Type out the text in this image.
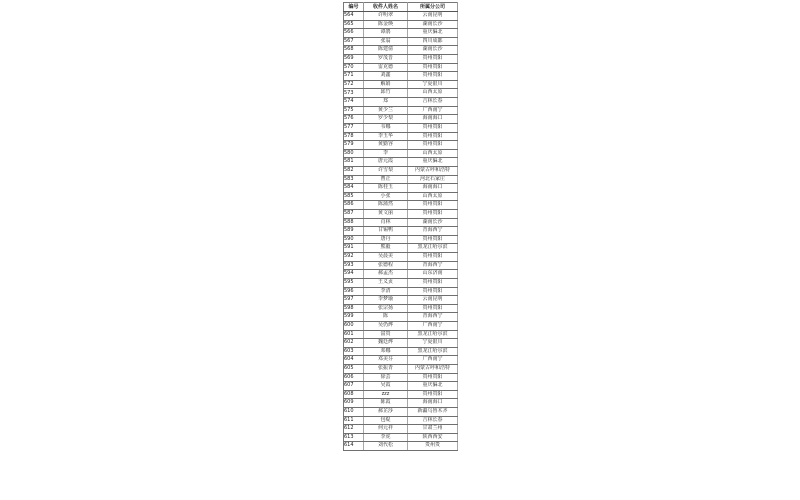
编号	收件人姓名	所属分公司
564	许明翠	云南昆明
565	陈金焕	湖南长沙
566	谭鹃	重庆偏北
567	张翁	四川成都
568	陈建倩	湖南长沙
569	罗茂晋	贵州贵阳
570	雷克德	贵州贵阳
571	刘鑫	贵州贵阳
572	解娟	宁夏银川
573	邱竹	山西太原
574	郑	吉林长春
575	黄少兰	广西南宁
576	罗少梨	海南海口
577	韦娜	贵州贵阳
578	李玉华	贵州贵阳
579	黄勤容	贵州贵阳
580	李	山西太原
581	唐元霞	重庆偏北
582	许雪梨	内蒙古呼和浩特
583	曹正	河北石家庄
584	陈桂玉	海南海口
585	小张	山西太原
586	陈蒲然	贵州贵阳
587	黄文丽	贵州贵阳
588	肖林	湖南长沙
589	甘锡鸭	青海西宁
590	唐丹	贵州贵阳
591	熊毅	黑龙江哈尔滨
592	吴晨美	贵州贵阳
593	张德程	青海西宁
594	郝孟杰	山东济南
595	王义贞	贵州贵阳
596	李清	贵州贵阳
597	李梦瑜	云南昆明
598	张宗扬	贵州贵阳
599	陈	青海西宁
600	吴仍烨	广西南宁
601	富贵	黑龙江哈尔滨
602	魏廷烨	宁夏银川
603	邓娜	黑龙江哈尔滨
604	邓美芬	广西南宁
605	张振青	内蒙古呼和浩特
606	徐芸	贵州贵阳
607	吴霞	重庆偏北
608	zzz	贵州贵阳
609	陈霞	海南海口
610	郝芷莎	新疆乌鲁木齐
611	包缇	吉林长春
612	何元祥	甘肃兰州
613	李虎	陕西西安
614	刘代松	贵州贵
